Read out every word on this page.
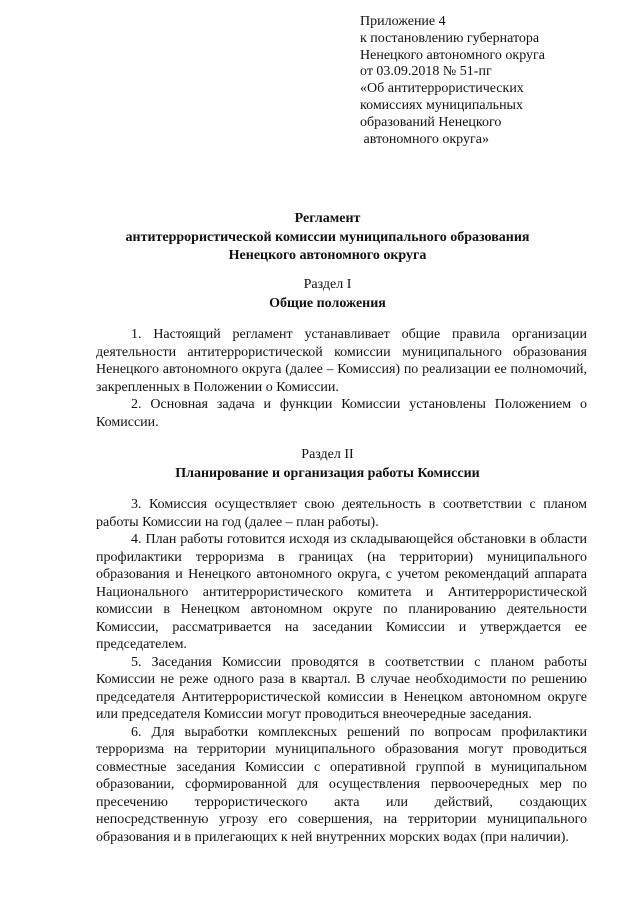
Приложение 4
к постановлению губернатора
Ненецкого автономного округа
от 03.09.2018 № 51-пг
«Об антитеррористических
комиссиях муниципальных
образований Ненецкого
автономного округа»
Регламент
антитеррористической комиссии муниципального образования
Ненецкого автономного округа
Раздел I
Общие положения

1. Настоящий регламент устанавливает общие правила организации деятельности антитеррористической комиссии муниципального образования Ненецкого автономного округа (далее – Комиссия) по реализации ее полномочий, закрепленных в Положении о Комиссии.

2. Основная задача и функции Комиссии установлены Положением о Комиссии.

Раздел II
Планирование и организация работы Комиссии

3. Комиссия осуществляет свою деятельность в соответствии с планом работы Комиссии на год (далее – план работы).

4. План работы готовится исходя из складывающейся обстановки в области профилактики терроризма в границах (на территории) муниципального образования и Ненецкого автономного округа, с учетом рекомендаций аппарата Национального антитеррористического комитета и Антитеррористической комиссии в Ненецком автономном округе по планированию деятельности Комиссии, рассматривается на заседании Комиссии и утверждается ее председателем.

5. Заседания Комиссии проводятся в соответствии с планом работы Комиссии не реже одного раза в квартал. В случае необходимости по решению председателя Антитеррористической комиссии в Ненецком автономном округе или председателя Комиссии могут проводиться внеочередные заседания.

6. Для выработки комплексных решений по вопросам профилактики терроризма на территории муниципального образования могут проводиться совместные заседания Комиссии с оперативной группой в муниципальном образовании, сформированной для осуществления первоочередных мер по пресечению террористического акта или действий, создающих непосредственную угрозу его совершения, на территории муниципального образования и в прилегающих к ней внутренних морских водах (при наличии).
